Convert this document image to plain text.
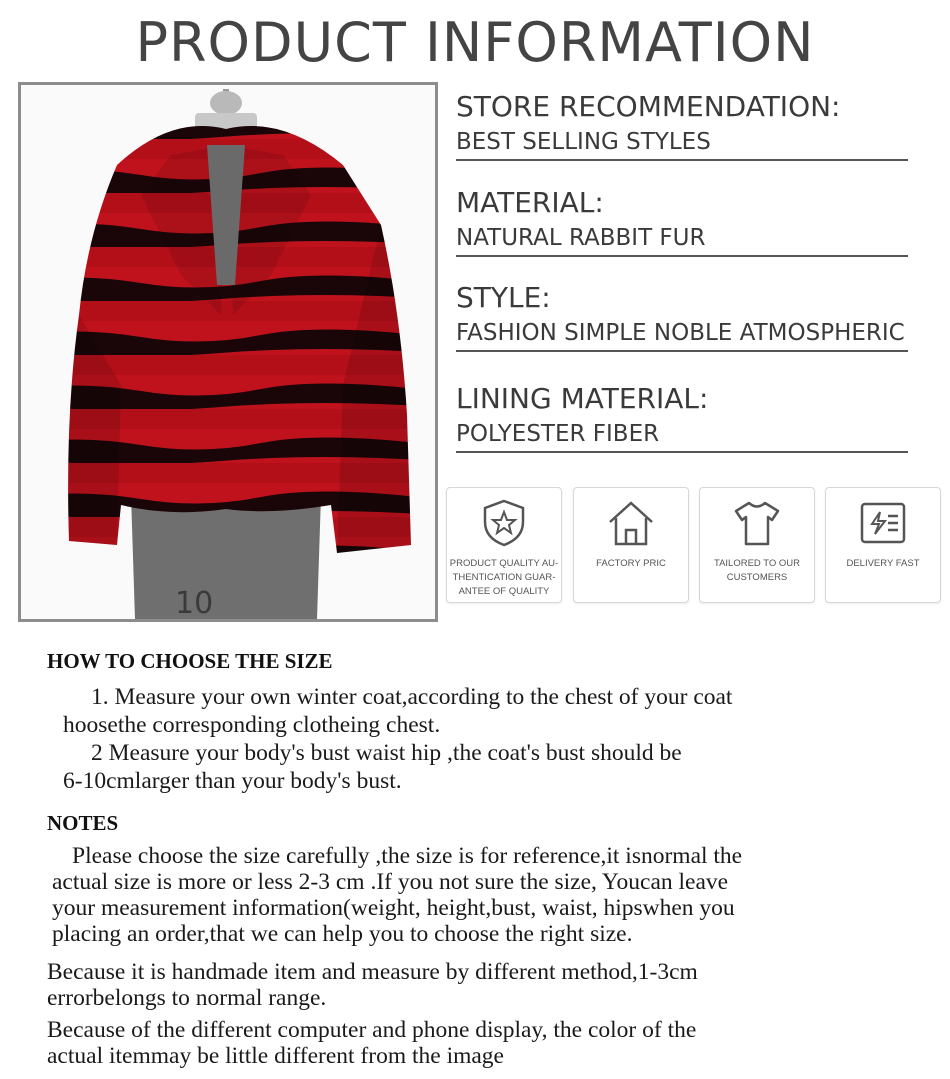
PRODUCT INFORMATION
10
STORE RECOMMENDATION:
BEST SELLING STYLES
MATERIAL:
NATURAL RABBIT FUR
STYLE:
FASHION SIMPLE NOBLE ATMOSPHERIC
LINING MATERIAL:
POLYESTER FIBER
PRODUCT QUALITY AU-
THENTICATION GUAR-
ANTEE OF QUALITY
FACTORY PRIC	TAILORED TO OUR
CUSTOMERS
DELIVERY FAST
HOW TO CHOOSE THE SIZE
1. Measure your own winter coat,according to the chest of your coat
hoosethe corresponding clotheing chest.
2 Measure your body's bust waist hip ,the coat's bust should be
6-10cmlarger than your body's bust.
NOTES
Please choose the size carefully ,the size is for reference,it isnormal the
actual size is more or less 2-3 cm .If you not sure the size, Youcan leave
your measurement information(weight, height,bust, waist, hipswhen you
placing an order,that we can help you to choose the right size.
Because it is handmade item and measure by different method,1-3cm
errorbelongs to normal range.
Because of the different computer and phone display, the color of the
actual itemmay be little different from the image
